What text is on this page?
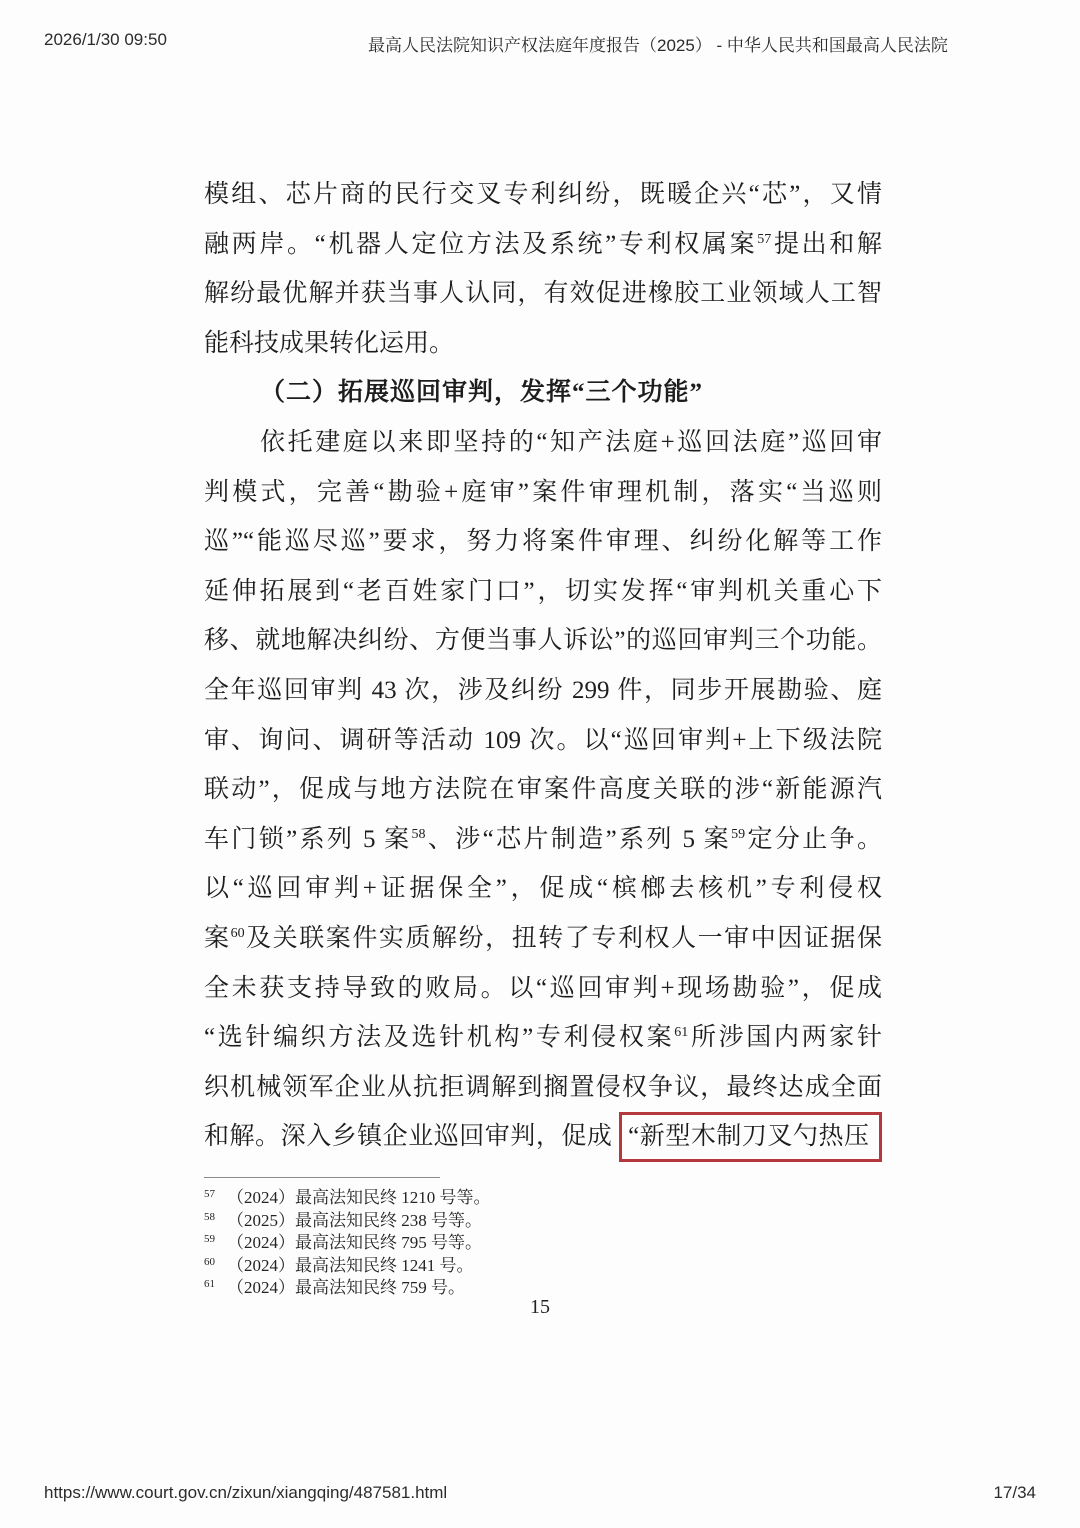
2026/1/30 09:50	最高人民法院知识产权法庭年度报告（2025） - 中华人民共和国最高人民法院
模组、芯片商的民行交叉专利纠纷，既暖企兴“芯”，又情
融两岸。“机器人定位方法及系统”专利权属案$^{57}$提出和解
解纷最优解并获当事人认同，有效促进橡胶工业领域人工智
能科技成果转化运用。
（二）拓展巡回审判，发挥“三个功能”
依托建庭以来即坚持的“知产法庭+巡回法庭”巡回审
判模式，完善“勘验+庭审”案件审理机制，落实“当巡则
巡”“能巡尽巡”要求，努力将案件审理、纠纷化解等工作
延伸拓展到“老百姓家门口”，切实发挥“审判机关重心下
移、就地解决纠纷、方便当事人诉讼”的巡回审判三个功能。
全年巡回审判 43 次，涉及纠纷 299 件，同步开展勘验、庭
审、询问、调研等活动 109 次。以“巡回审判+上下级法院
联动”，促成与地方法院在审案件高度关联的涉“新能源汽
车门锁”系列 5 案$^{58}$、涉“芯片制造”系列 5 案$^{59}$定分止争。
以“巡回审判+证据保全”，促成“槟榔去核机”专利侵权
案$^{60}$及关联案件实质解纷，扭转了专利权人一审中因证据保
全未获支持导致的败局。以“巡回审判+现场勘验”，促成
“选针编织方法及选针机构”专利侵权案$^{61}$所涉国内两家针
织机械领军企业从抗拒调解到搁置侵权争议，最终达成全面
和解。深入乡镇企业巡回审判，促成 “新型木制刀叉勺热压
$^{57}$ （2024）最高法知民终 1210 号等。
$^{58}$ （2025）最高法知民终 238 号等。
$^{59}$ （2024）最高法知民终 795 号等。
$^{60}$ （2024）最高法知民终 1241 号。
$^{61}$ （2024）最高法知民终 759 号。
15
https://www.court.gov.cn/zixun/xiangqing/487581.html	17/34
